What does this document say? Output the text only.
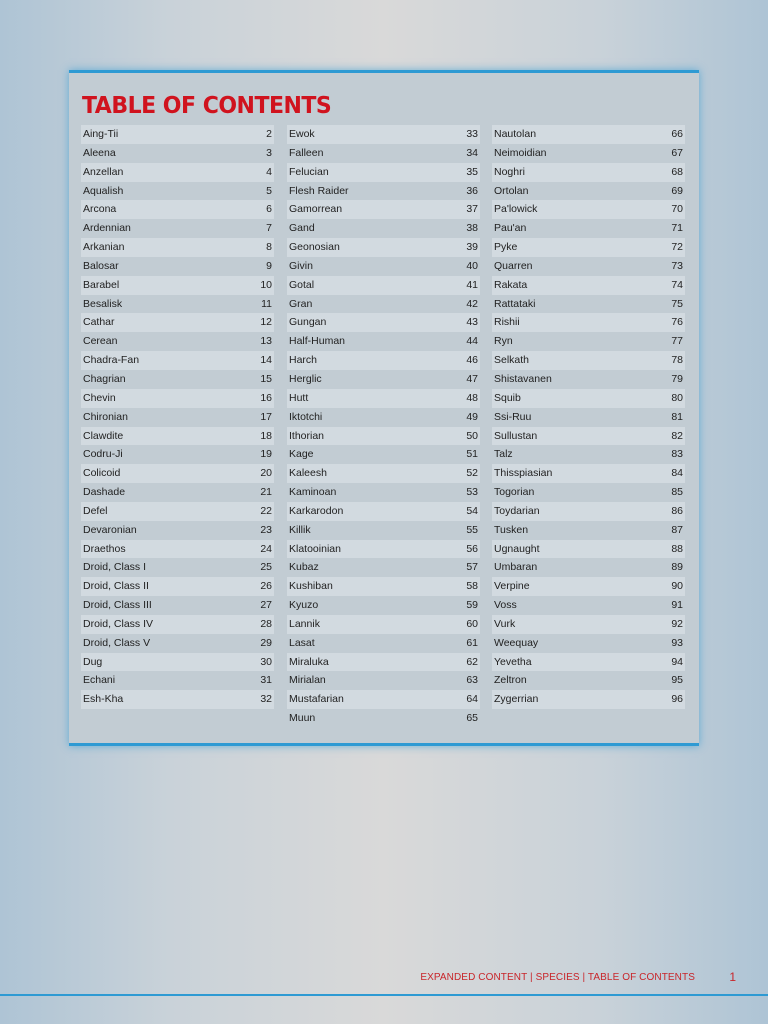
TABLE OF CONTENTS
Aing-Tii	2
Aleena	3
Anzellan	4
Aqualish	5
Arcona	6
Ardennian	7
Arkanian	8
Balosar	9
Barabel	10
Besalisk	11
Cathar	12
Cerean	13
Chadra-Fan	14
Chagrian	15
Chevin	16
Chironian	17
Clawdite	18
Codru-Ji	19
Colicoid	20
Dashade	21
Defel	22
Devaronian	23
Draethos	24
Droid, Class I	25
Droid, Class II	26
Droid, Class III	27
Droid, Class IV	28
Droid, Class V	29
Dug	30
Echani	31
Esh-Kha	32
Ewok	33
Falleen	34
Felucian	35
Flesh Raider	36
Gamorrean	37
Gand	38
Geonosian	39
Givin	40
Gotal	41
Gran	42
Gungan	43
Half-Human	44
Harch	46
Herglic	47
Hutt	48
Iktotchi	49
Ithorian	50
Kage	51
Kaleesh	52
Kaminoan	53
Karkarodon	54
Killik	55
Klatooinian	56
Kubaz	57
Kushiban	58
Kyuzo	59
Lannik	60
Lasat	61
Miraluka	62
Mirialan	63
Mustafarian	64
Muun	65
Nautolan	66
Neimoidian	67
Noghri	68
Ortolan	69
Pa'lowick	70
Pau'an	71
Pyke	72
Quarren	73
Rakata	74
Rattataki	75
Rishii	76
Ryn	77
Selkath	78
Shistavanen	79
Squib	80
Ssi-Ruu	81
Sullustan	82
Talz	83
Thisspiasian	84
Togorian	85
Toydarian	86
Tusken	87
Ugnaught	88
Umbaran	89
Verpine	90
Voss	91
Vurk	92
Weequay	93
Yevetha	94
Zeltron	95
Zygerrian	96
EXPANDED CONTENT | SPECIES | TABLE OF CONTENTS	1
